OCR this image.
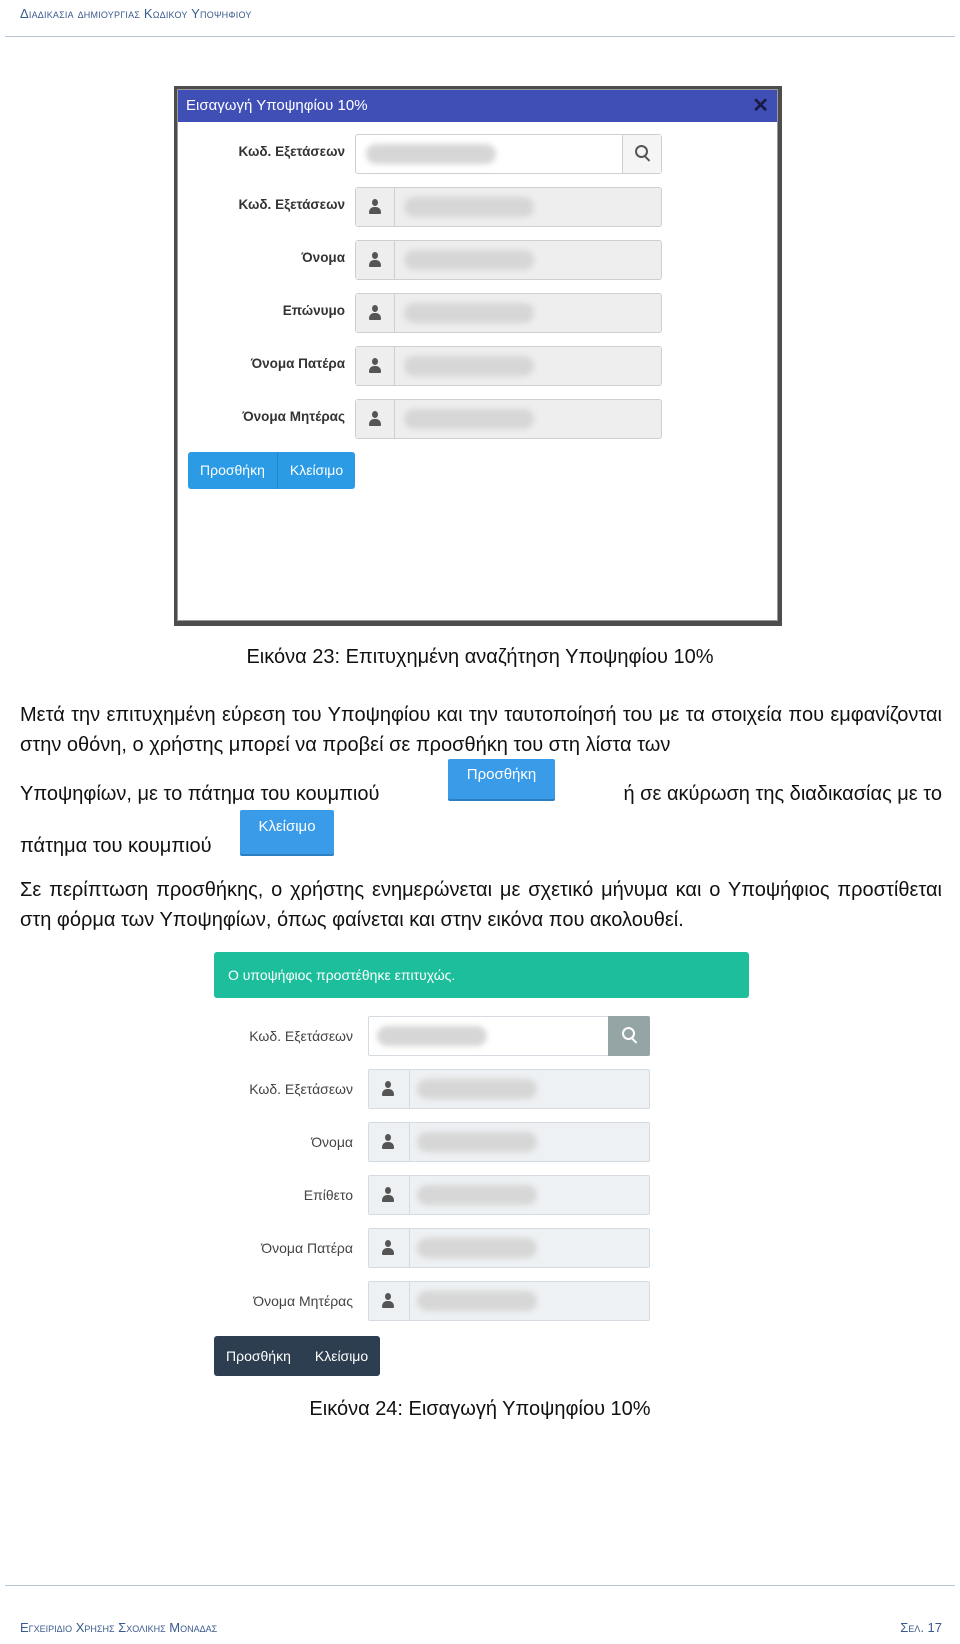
Διαδικασια δημιουργιας Κωδικου Υποψηφιου
Εισαγωγή Υποψηφίου 10%	✕
Κωδ. Εξετάσεων
Κωδ. Εξετάσεων
Όνομα
Επώνυμο
Όνομα Πατέρα
Όνομα Μητέρας
Προσθήκη	Κλείσιμο
Εικόνα 23: Επιτυχημένη αναζήτηση Υποψηφίου 10%
Μετά την επιτυχημένη εύρεση του Υποψηφίου και την ταυτοποίησή του με τα στοιχεία που εμφανίζονται στην οθόνη, ο χρήστης μπορεί να προβεί σε προσθήκη του στη λίστα των
Υποψηφίων, με το πάτημα του κουμπιού
Προσθήκη
ή σε ακύρωση της διαδικασίας με το
πάτημα του κουμπιού
Κλείσιμο
Σε περίπτωση προσθήκης, ο χρήστης ενημερώνεται με σχετικό μήνυμα και ο Υποψήφιος προστίθεται στη φόρμα των Υποψηφίων, όπως φαίνεται και στην εικόνα που ακολουθεί.
Ο υποψήφιος προστέθηκε επιτυχώς.
Κωδ. Εξετάσεων
Κωδ. Εξετάσεων
Όνομα
Επίθετο
Όνομα Πατέρα
Όνομα Μητέρας
Προσθήκη	Κλείσιμο
Εικόνα 24: Εισαγωγή Υποψηφίου 10%
Εγχειριδιο Χρησης Σχολικης Μοναδας	Σελ. 17
